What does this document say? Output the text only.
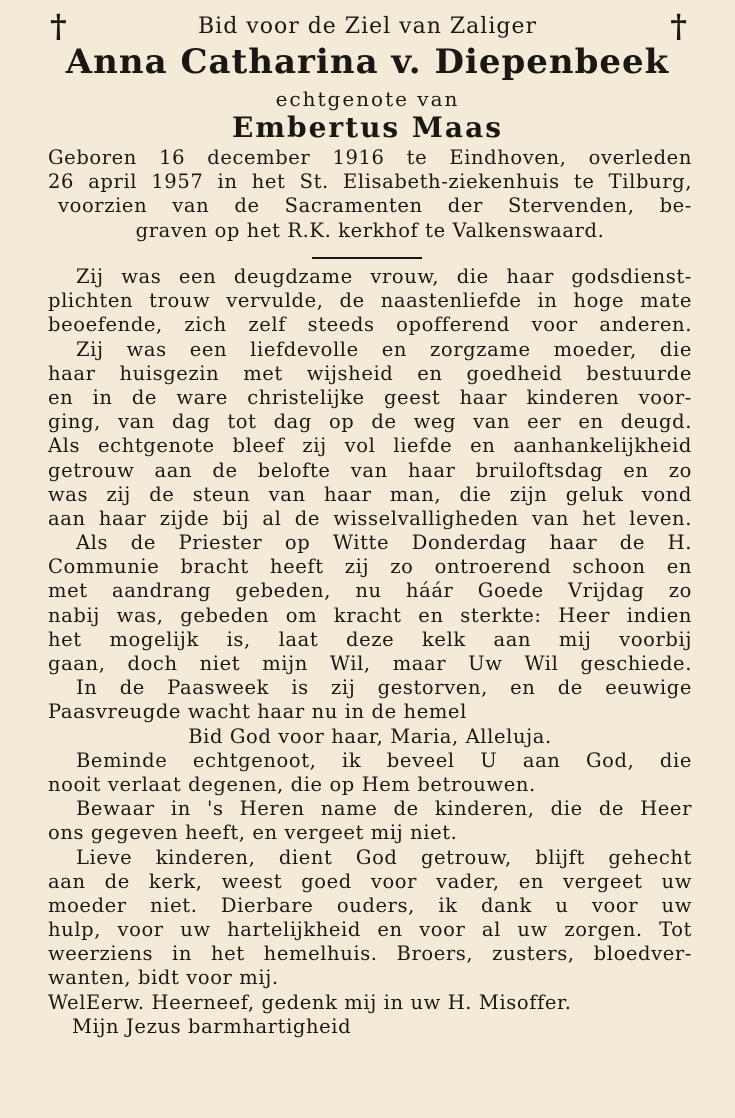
†	†
Bid voor de Ziel van Zaliger
Anna Catharina v. Diepenbeek
echtgenote van
Embertus Maas
Geboren 16 december 1916 te Eindhoven, overleden
26 april 1957 in het St. Elisabeth-ziekenhuis te Tilburg,
voorzien van de Sacramenten der Stervenden, be-
graven op het R.K. kerkhof te Valkenswaard.
Zij was een deugdzame vrouw, die haar godsdienst-
plichten trouw vervulde, de naastenliefde in hoge mate
beoefende, zich zelf steeds opofferend voor anderen.
Zij was een liefdevolle en zorgzame moeder, die
haar huisgezin met wijsheid en goedheid bestuurde
en in de ware christelijke geest haar kinderen voor-
ging, van dag tot dag op de weg van eer en deugd.
Als echtgenote bleef zij vol liefde en aanhankelijkheid
getrouw aan de belofte van haar bruiloftsdag en zo
was zij de steun van haar man, die zijn geluk vond
aan haar zijde bij al de wisselvalligheden van het leven.
Als de Priester op Witte Donderdag haar de H.
Communie bracht heeft zij zo ontroerend schoon en
met aandrang gebeden, nu háár Goede Vrijdag zo
nabij was, gebeden om kracht en sterkte: Heer indien
het mogelijk is, laat deze kelk aan mij voorbij
gaan, doch niet mijn Wil, maar Uw Wil geschiede.
In de Paasweek is zij gestorven, en de eeuwige
Paasvreugde wacht haar nu in de hemel
Bid God voor haar, Maria, Alleluja.
Beminde echtgenoot, ik beveel U aan God, die
nooit verlaat degenen, die op Hem betrouwen.
Bewaar in 's Heren name de kinderen, die de Heer
ons gegeven heeft, en vergeet mij niet.
Lieve kinderen, dient God getrouw, blijft gehecht
aan de kerk, weest goed voor vader, en vergeet uw
moeder niet. Dierbare ouders, ik dank u voor uw
hulp, voor uw hartelijkheid en voor al uw zorgen. Tot
weerziens in het hemelhuis. Broers, zusters, bloedver-
wanten, bidt voor mij.
WelEerw. Heerneef, gedenk mij in uw H. Misoffer.
Mijn Jezus barmhartigheid
